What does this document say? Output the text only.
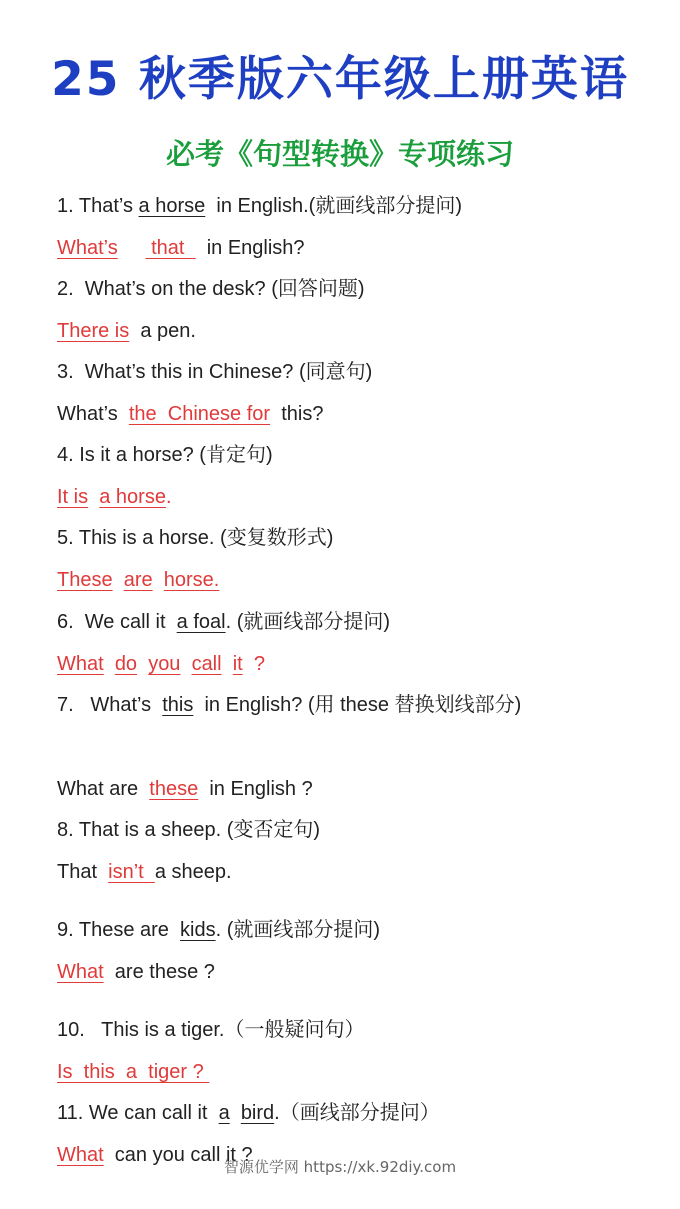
25 秋季版六年级上册英语
必考《句型转换》专项练习
1. That’s a horse  in English.(就画线部分提问)
What’s      that    in English?
2.  What’s on the desk? (回答问题)
There is  a pen.
3.  What’s this in Chinese? (同意句)
What’s  the  Chinese for  this?
4. Is it a horse? (肯定句)
It is a horse.
5. This is a horse. (变复数形式)
These are horse.
6.  We call it  a foal. (就画线部分提问)
What do you call it ?
7.   What’s  this  in English? (用 these 替换划线部分)
What are  these  in English ?
8. That is a sheep. (变否定句)
That  isn’t  a sheep.
9. These are  kids. (就画线部分提问)
What  are these ?
10.   This is a tiger.（一般疑问句）
Is  this  a  tiger ?
11. We can call it  a bird.（画线部分提问）
What  can you call it ?
智源优学网 https://xk.92diy.com
